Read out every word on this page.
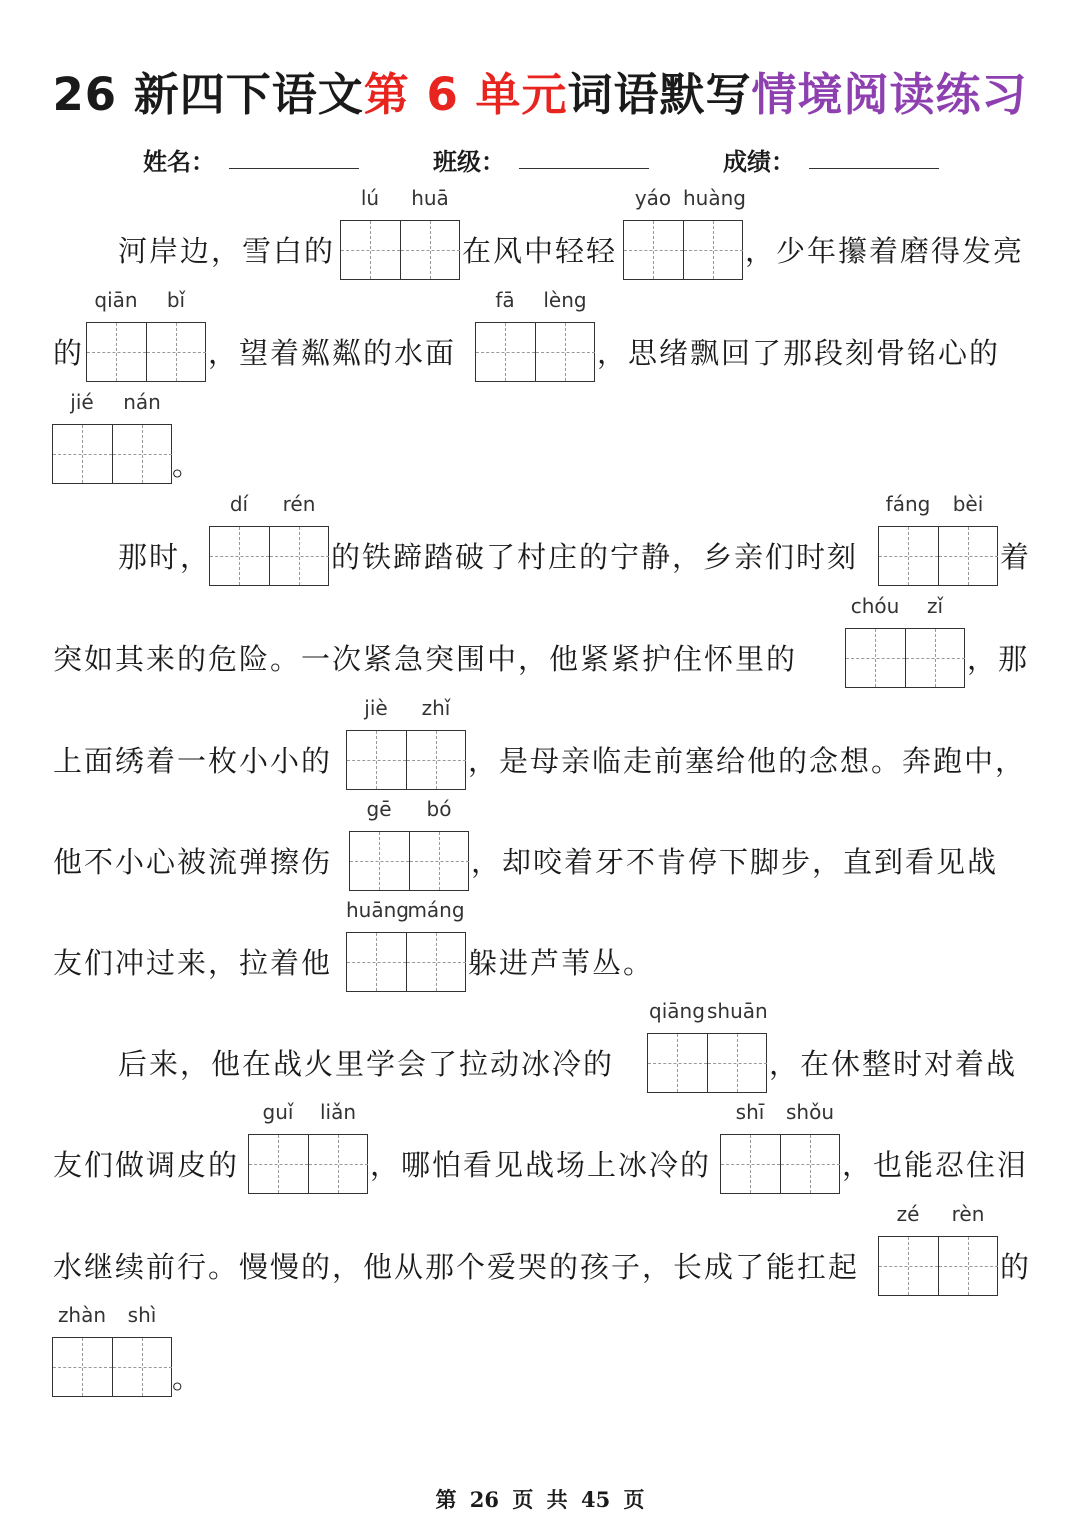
26 新四下语文第 6 单元词语默写情境阅读练习
姓名：	班级：	成绩：
河岸边，雪白的
lú	huā
在风中轻轻
yáo huàng
，少年攥着磨得发亮
的
qiān	bǐ
，望着粼粼的水面
fā	lèng
，思绪飘回了那段刻骨铭心的
jié	nán
。
那时，
dí	rén
的铁蹄踏破了村庄的宁静，乡亲们时刻
fáng	bèi
着
突如其来的危险。一次紧急突围中，他紧紧护住怀里的
chóu	zǐ
，那
上面绣着一枚小小的
jiè	zhǐ
，是母亲临走前塞给他的念想。奔跑中，
他不小心被流弹擦伤
gē	bó
，却咬着牙不肯停下脚步，直到看见战
友们冲过来，拉着他
huāng
máng
躲进芦苇丛。
后来，他在战火里学会了拉动冰冷的
qiāng shuān
，在休整时对着战
友们做调皮的
guǐ	liǎn
，哪怕看见战场上冰冷的
shī	shǒu
，也能忍住泪
水继续前行。慢慢的，他从那个爱哭的孩子，长成了能扛起
zé	rèn
的
zhàn	shì
。
第 26 页 共 45 页
